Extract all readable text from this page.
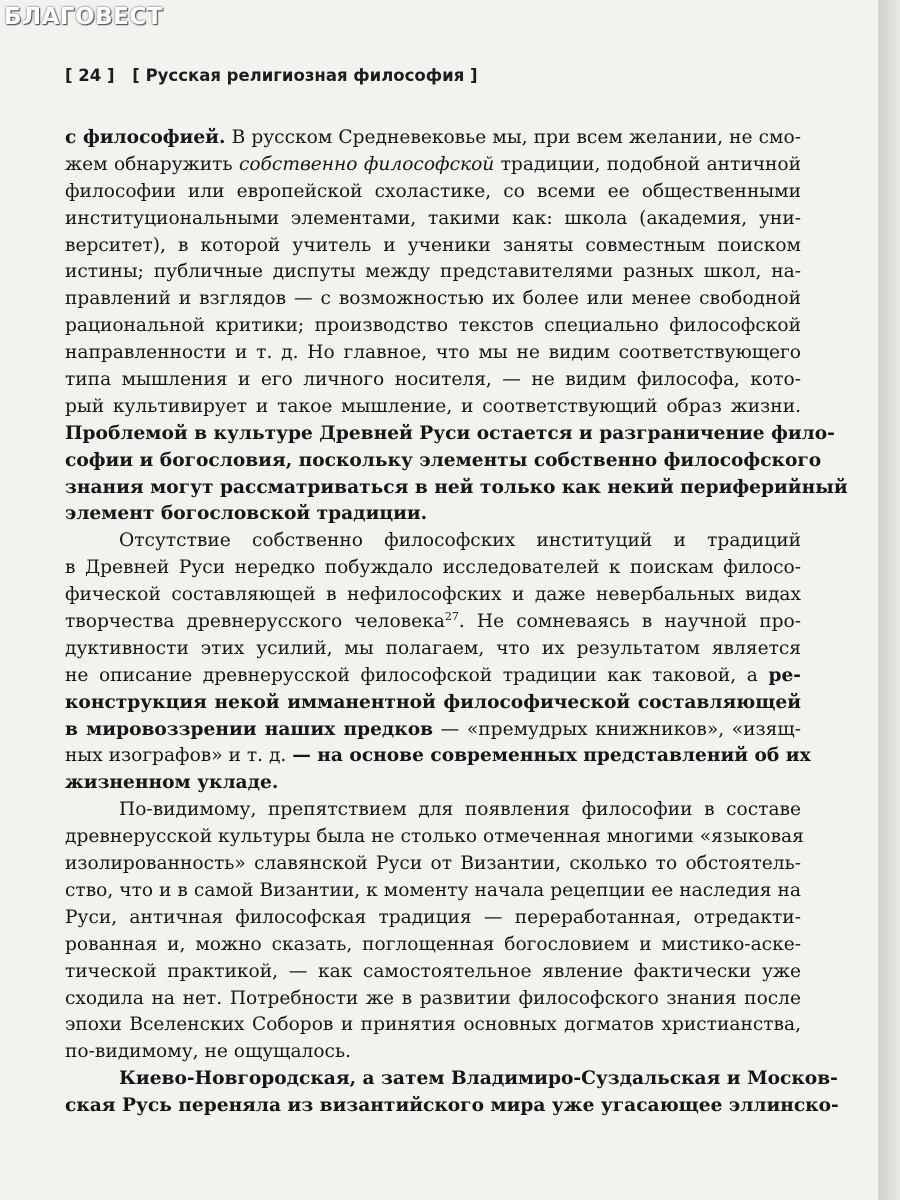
БЛАГОВЕСТ
[ 24 ] [ Русская религиозная философия ]
с философией. В русском Средневековье мы, при всем желании, не смо-
жем обнаружить собственно философской традиции, подобной античной
философии или европейской схоластике, со всеми ее общественными
институциональными элементами, такими как: школа (академия, уни-
верситет), в которой учитель и ученики заняты совместным поиском
истины; публичные диспуты между представителями разных школ, на-
правлений и взглядов — с возможностью их более или менее свободной
рациональной критики; производство текстов специально философской
направленности и т. д. Но главное, что мы не видим соответствующего
типа мышления и его личного носителя, — не видим философа, кото-
рый культивирует и такое мышление, и соответствующий образ жизни.
Проблемой в культуре Древней Руси остается и разграничение фило-
софии и богословия, поскольку элементы собственно философского
знания могут рассматриваться в ней только как некий периферийный
элемент богословской традиции.
Отсутствие собственно философских институций и традиций
в Древней Руси нередко побуждало исследователей к поискам филосо-
фической составляющей в нефилософских и даже невербальных видах
творчества древнерусского человека$^{27}$. Не сомневаясь в научной про-
дуктивности этих усилий, мы полагаем, что их результатом является
не описание древнерусской философской традиции как таковой, а ре-
конструкция некой имманентной философической составляющей
в мировоззрении наших предков — «премудрых книжников», «изящ-
ных изографов» и т. д. — на основе современных представлений об их
жизненном укладе.
По-видимому, препятствием для появления философии в составе
древнерусской культуры была не столько отмеченная многими «языковая
изолированность» славянской Руси от Византии, сколько то обстоятель-
ство, что и в самой Византии, к моменту начала рецепции ее наследия на
Руси, античная философская традиция — переработанная, отредакти-
рованная и, можно сказать, поглощенная богословием и мистико-аске-
тической практикой, — как самостоятельное явление фактически уже
сходила на нет. Потребности же в развитии философского знания после
эпохи Вселенских Соборов и принятия основных догматов христианства,
по-видимому, не ощущалось.
Киево-Новгородская, а затем Владимиро-Суздальская и Москов-
ская Русь переняла из византийского мира уже угасающее эллинско-
